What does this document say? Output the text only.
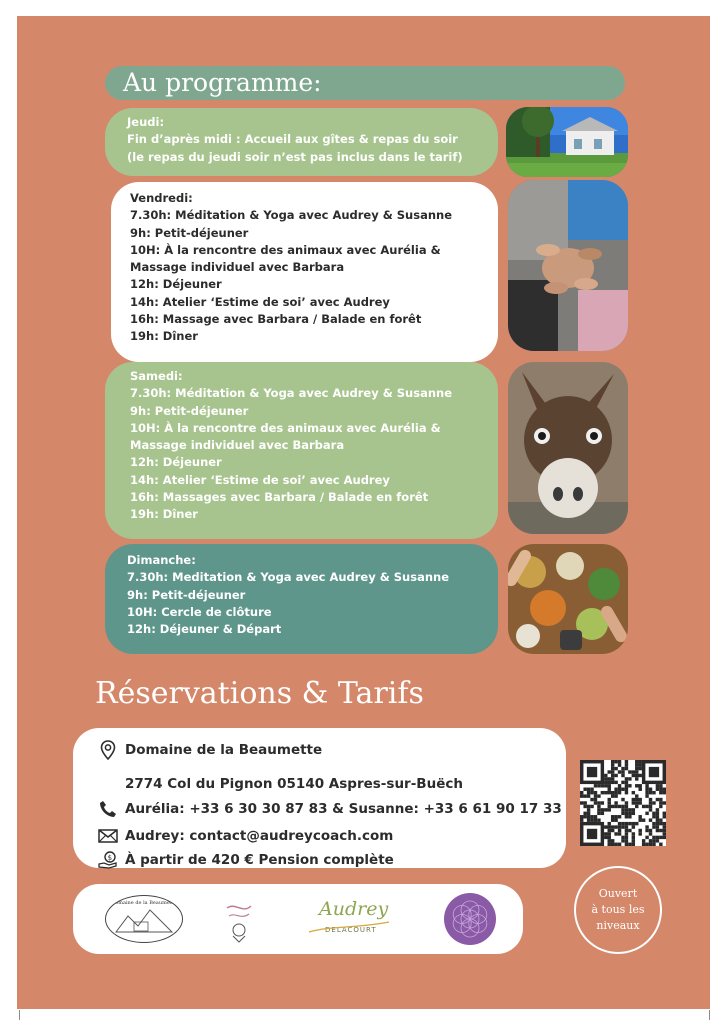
Au programme:
Jeudi:
Fin d’après midi : Accueil aux gîtes & repas du soir
(le repas du jeudi soir n’est pas inclus dans le tarif)
Vendredi:
7.30h: Méditation & Yoga avec Audrey & Susanne
9h: Petit-déjeuner
10H: À la rencontre des animaux avec Aurélia &
Massage individuel avec Barbara
12h: Déjeuner
14h: Atelier ‘Estime de soi’ avec Audrey
16h: Massage avec Barbara / Balade en forêt
19h: Dîner
Samedi:
7.30h: Méditation & Yoga avec Audrey & Susanne
9h: Petit-déjeuner
10H: À la rencontre des animaux avec Aurélia &
Massage individuel avec Barbara
12h: Déjeuner
14h: Atelier ‘Estime de soi’ avec Audrey
16h: Massages avec Barbara / Balade en forêt
19h: Dîner
Dimanche:
7.30h: Meditation & Yoga avec Audrey & Susanne
9h: Petit-déjeuner
10H: Cercle de clôture
12h: Déjeuner & Départ
Réservations & Tarifs
Domaine de la Beaumette
2774 Col du Pignon 05140 Aspres-sur-Buëch
Aurélia: +33 6 30 30 87 83 & Susanne: +33 6 61 90 17 33
Audrey: contact@audreycoach.com
$ À partir de 420 € Pension complète
Domaine de la Beaumette	Audrey
DELACOURT
Ouvert
à tous les
niveaux
